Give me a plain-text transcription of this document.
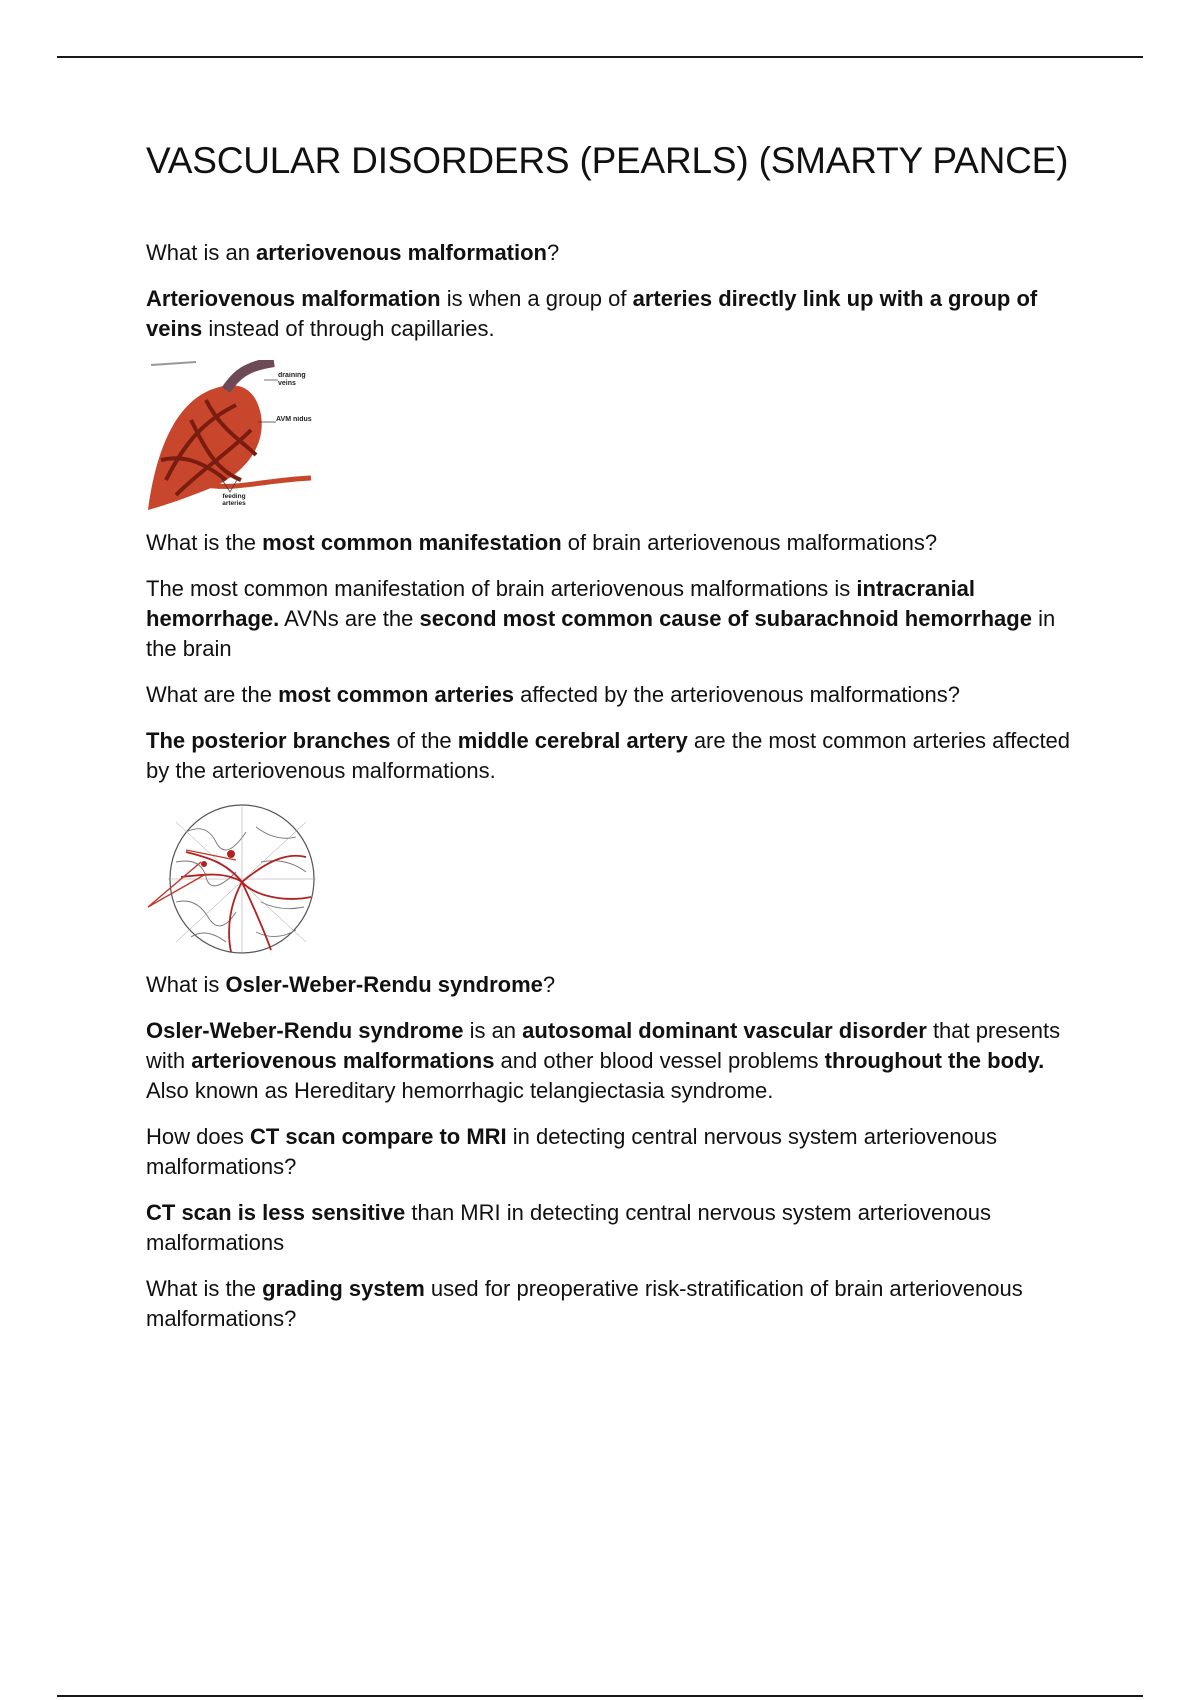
VASCULAR DISORDERS (PEARLS) (SMARTY PANCE)

What is an arteriovenous malformation?

Arteriovenous malformation is when a group of arteries directly link up with a group of veins instead of through capillaries.

draining veins
AVM nidus
feeding arteries

What is the most common manifestation of brain arteriovenous malformations?

The most common manifestation of brain arteriovenous malformations is intracranial hemorrhage. AVNs are the second most common cause of subarachnoid hemorrhage in the brain

What are the most common arteries affected by the arteriovenous malformations?

The posterior branches of the middle cerebral artery are the most common arteries affected by the arteriovenous malformations.

What is Osler-Weber-Rendu syndrome?

Osler-Weber-Rendu syndrome is an autosomal dominant vascular disorder that presents with arteriovenous malformations and other blood vessel problems throughout the body. Also known as Hereditary hemorrhagic telangiectasia syndrome.

How does CT scan compare to MRI in detecting central nervous system arteriovenous malformations?

CT scan is less sensitive than MRI in detecting central nervous system arteriovenous malformations

What is the grading system used for preoperative risk-stratification of brain arteriovenous malformations?
